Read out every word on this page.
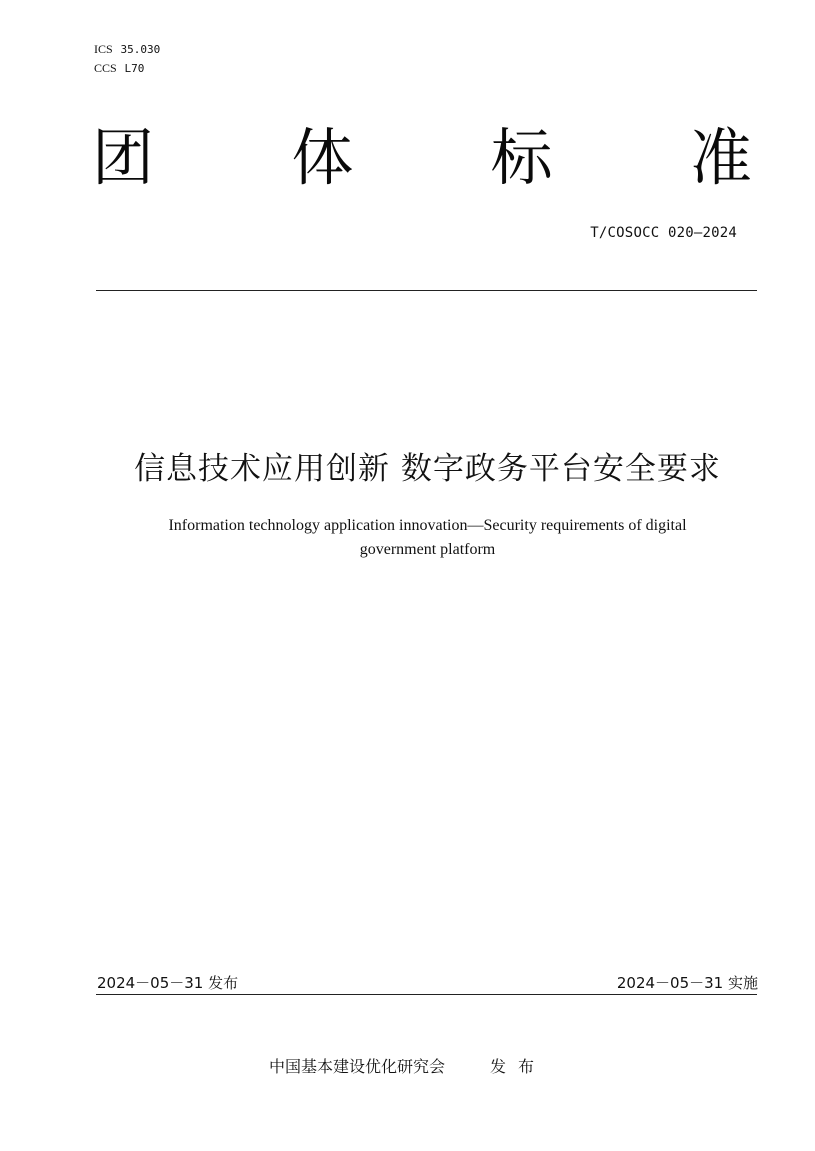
ICS 35.030
CCS L70
团 体 标 准
T/COSOCC 020—2024
信息技术应用创新 数字政务平台安全要求
Information technology application innovation—Security requirements of digital
government platform
2024－05－31 发布	2024－05－31 实施
中国基本建设优化研究会	发布
